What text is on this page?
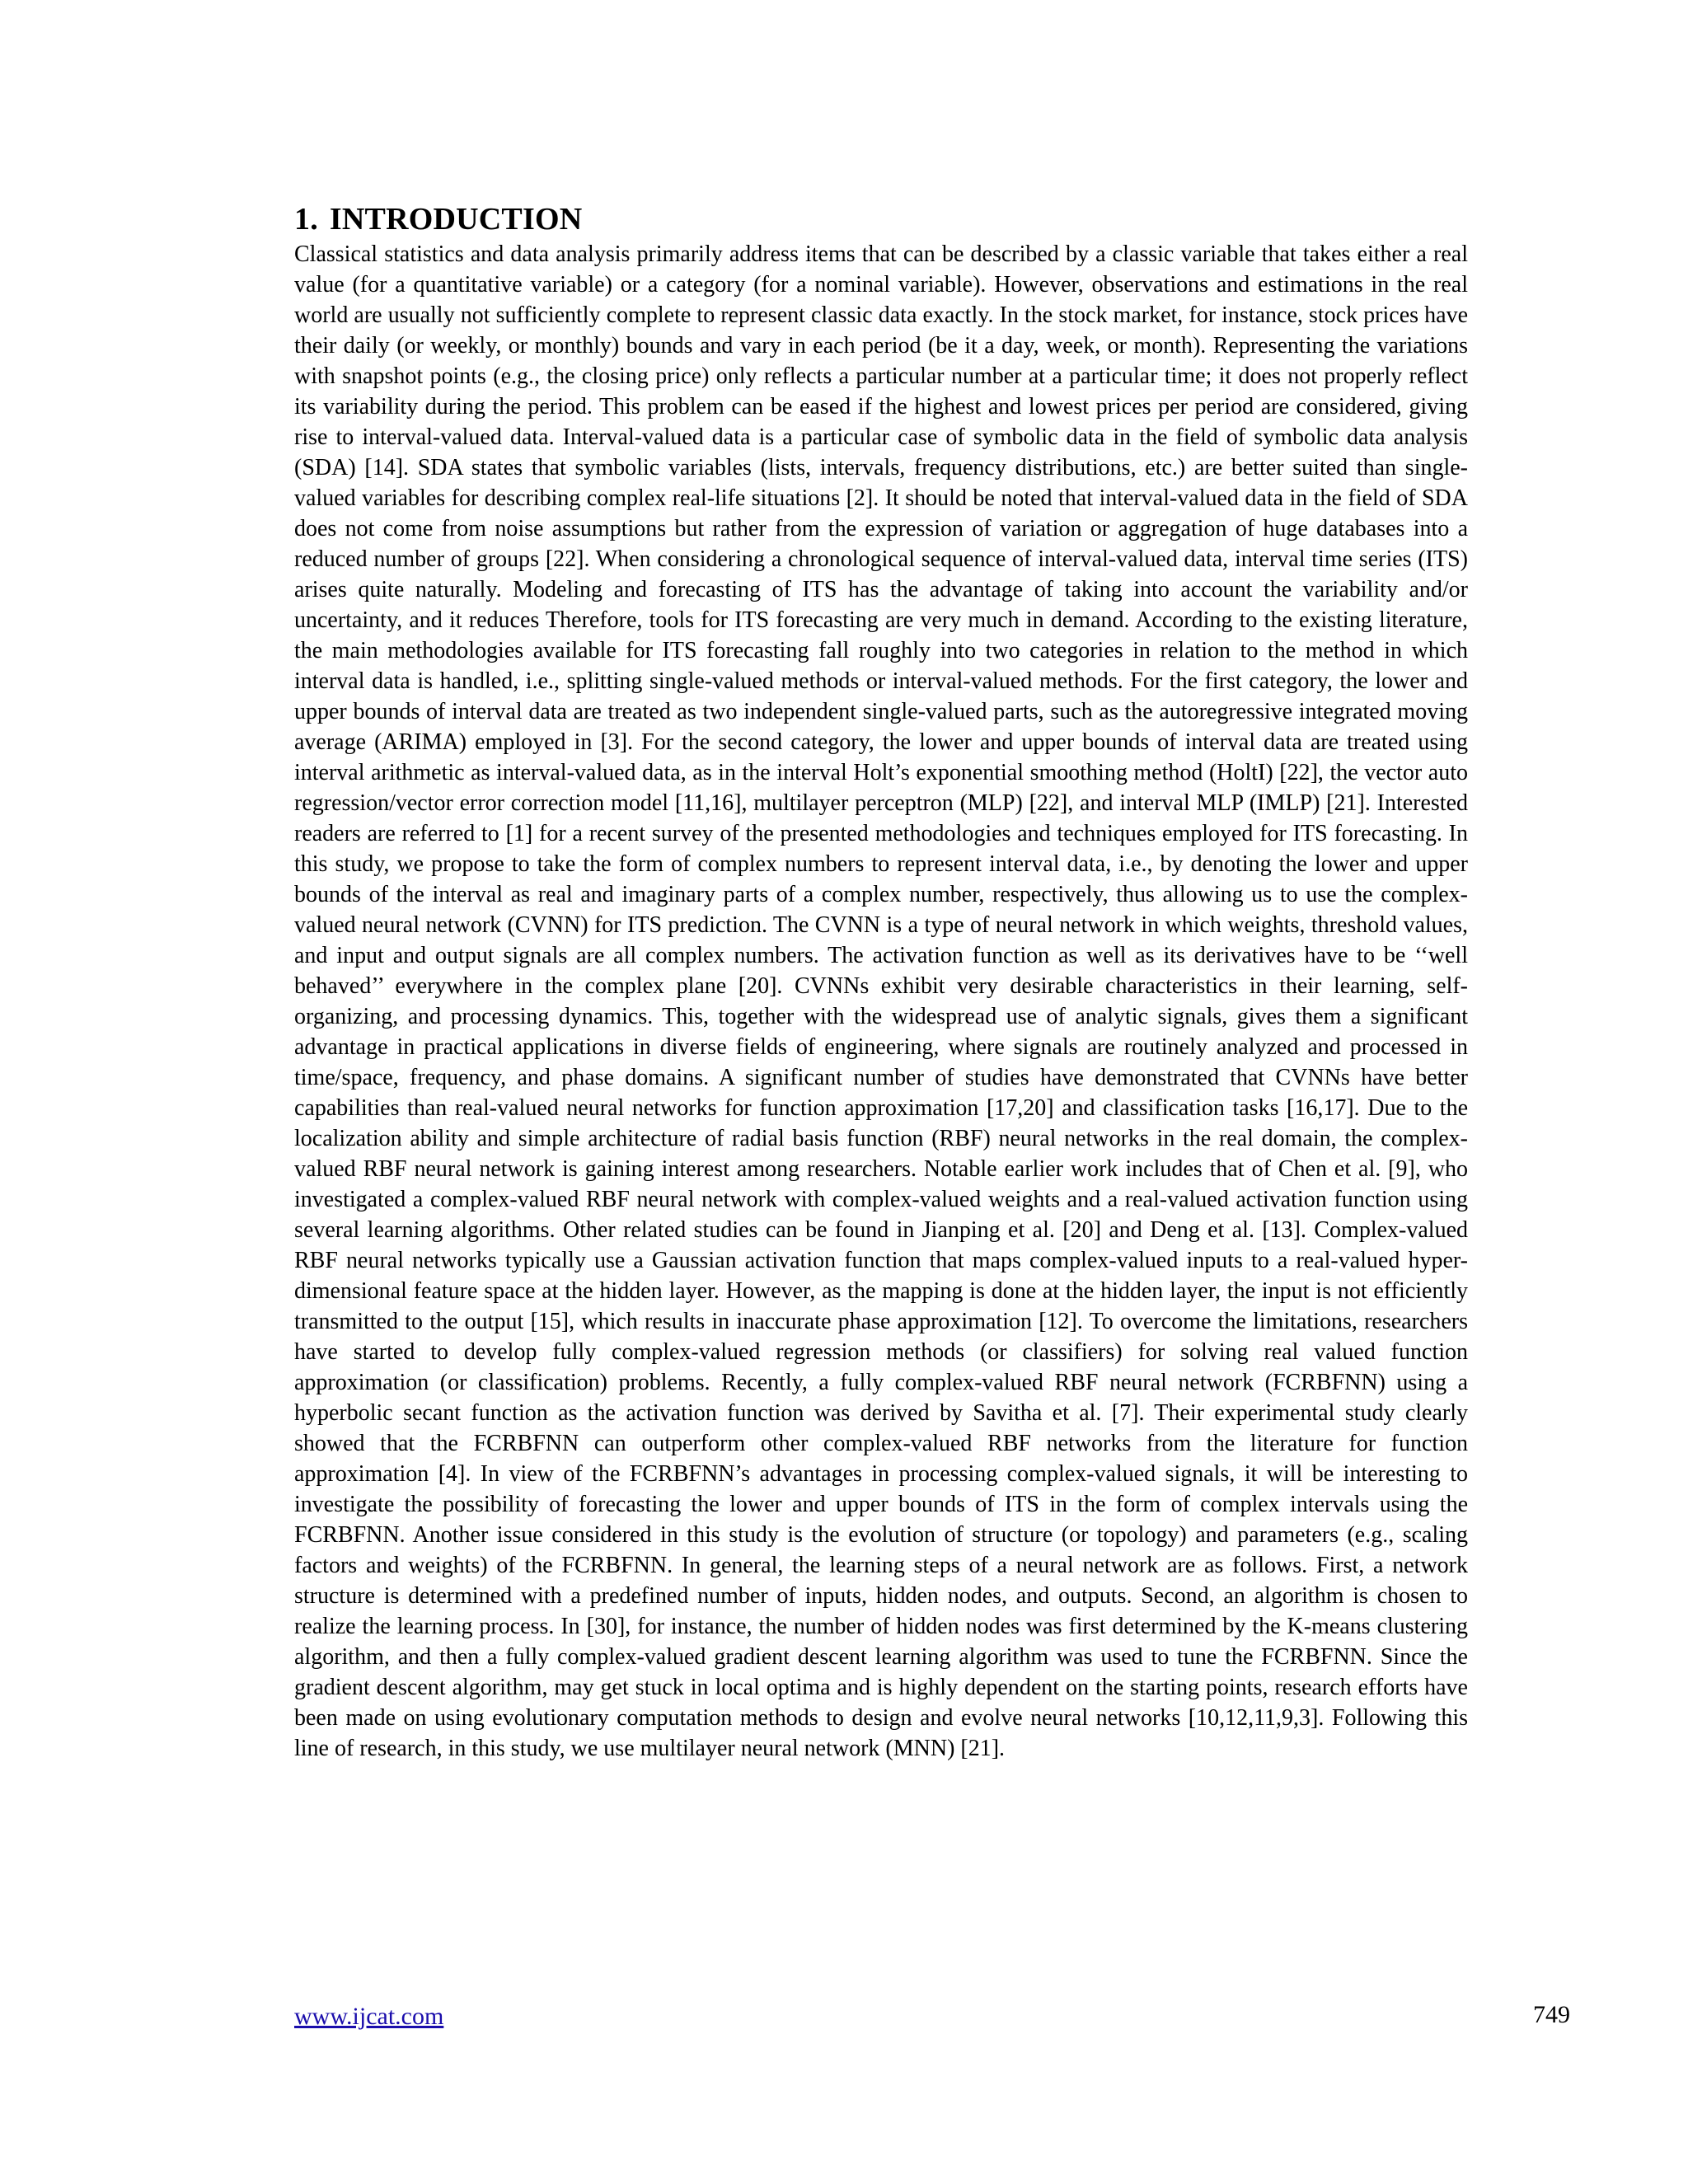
1. INTRODUCTION

Classical statistics and data analysis primarily address items that can be described by a classic variable that takes either a real value (for a quantitative variable) or a category (for a nominal variable). However, observations and estimations in the real world are usually not sufficiently complete to represent classic data exactly. In the stock market, for instance, stock prices have their daily (or weekly, or monthly) bounds and vary in each period (be it a day, week, or month). Representing the variations with snapshot points (e.g., the closing price) only reflects a particular number at a particular time; it does not properly reflect its variability during the period. This problem can be eased if the highest and lowest prices per period are considered, giving rise to interval-valued data. Interval-valued data is a particular case of symbolic data in the field of symbolic data analysis (SDA) [14]. SDA states that symbolic variables (lists, intervals, frequency distributions, etc.) are better suited than single-valued variables for describing complex real-life situations [2]. It should be noted that interval-valued data in the field of SDA does not come from noise assumptions but rather from the expression of variation or aggregation of huge databases into a reduced number of groups [22]. When considering a chronological sequence of interval-valued data, interval time series (ITS) arises quite naturally. Modeling and forecasting of ITS has the advantage of taking into account the variability and/or uncertainty, and it reduces Therefore, tools for ITS forecasting are very much in demand. According to the existing literature, the main methodologies available for ITS forecasting fall roughly into two categories in relation to the method in which interval data is handled, i.e., splitting single-valued methods or interval-valued methods. For the first category, the lower and upper bounds of interval data are treated as two independent single-valued parts, such as the autoregressive integrated moving average (ARIMA) employed in [3]. For the second category, the lower and upper bounds of interval data are treated using interval arithmetic as interval-valued data, as in the interval Holt’s exponential smoothing method (HoltI) [22], the vector auto regression/vector error correction model [11,16], multilayer perceptron (MLP) [22], and interval MLP (IMLP) [21]. Interested readers are referred to [1] for a recent survey of the presented methodologies and techniques employed for ITS forecasting. In this study, we propose to take the form of complex numbers to represent interval data, i.e., by denoting the lower and upper bounds of the interval as real and imaginary parts of a complex number, respectively, thus allowing us to use the complex-valued neural network (CVNN) for ITS prediction. The CVNN is a type of neural network in which weights, threshold values, and input and output signals are all complex numbers. The activation function as well as its derivatives have to be ‘‘well behaved’’ everywhere in the complex plane [20]. CVNNs exhibit very desirable characteristics in their learning, self-organizing, and processing dynamics. This, together with the widespread use of analytic signals, gives them a significant advantage in practical applications in diverse fields of engineering, where signals are routinely analyzed and processed in time/space, frequency, and phase domains. A significant number of studies have demonstrated that CVNNs have better capabilities than real-valued neural networks for function approximation [17,20] and classification tasks [16,17]. Due to the localization ability and simple architecture of radial basis function (RBF) neural networks in the real domain, the complex-valued RBF neural network is gaining interest among researchers. Notable earlier work includes that of Chen et al. [9], who investigated a complex-valued RBF neural network with complex-valued weights and a real-valued activation function using several learning algorithms. Other related studies can be found in Jianping et al. [20] and Deng et al. [13]. Complex-valued RBF neural networks typically use a Gaussian activation function that maps complex-valued inputs to a real-valued hyper-dimensional feature space at the hidden layer. However, as the mapping is done at the hidden layer, the input is not efficiently transmitted to the output [15], which results in inaccurate phase approximation [12]. To overcome the limitations, researchers have started to develop fully complex-valued regression methods (or classifiers) for solving real valued function approximation (or classification) problems. Recently, a fully complex-valued RBF neural network (FCRBFNN) using a hyperbolic secant function as the activation function was derived by Savitha et al. [7]. Their experimental study clearly showed that the FCRBFNN can outperform other complex-valued RBF networks from the literature for function approximation [4]. In view of the FCRBFNN’s advantages in processing complex-valued signals, it will be interesting to investigate the possibility of forecasting the lower and upper bounds of ITS in the form of complex intervals using the FCRBFNN. Another issue considered in this study is the evolution of structure (or topology) and parameters (e.g., scaling factors and weights) of the FCRBFNN. In general, the learning steps of a neural network are as follows. First, a network structure is determined with a predefined number of inputs, hidden nodes, and outputs. Second, an algorithm is chosen to realize the learning process. In [30], for instance, the number of hidden nodes was first determined by the K-means clustering algorithm, and then a fully complex-valued gradient descent learning algorithm was used to tune the FCRBFNN. Since the gradient descent algorithm, may get stuck in local optima and is highly dependent on the starting points, research efforts have been made on using evolutionary computation methods to design and evolve neural networks [10,12,11,9,3]. Following this line of research, in this study, we use multilayer neural network (MNN) [21].

www.ijcat.com	749
